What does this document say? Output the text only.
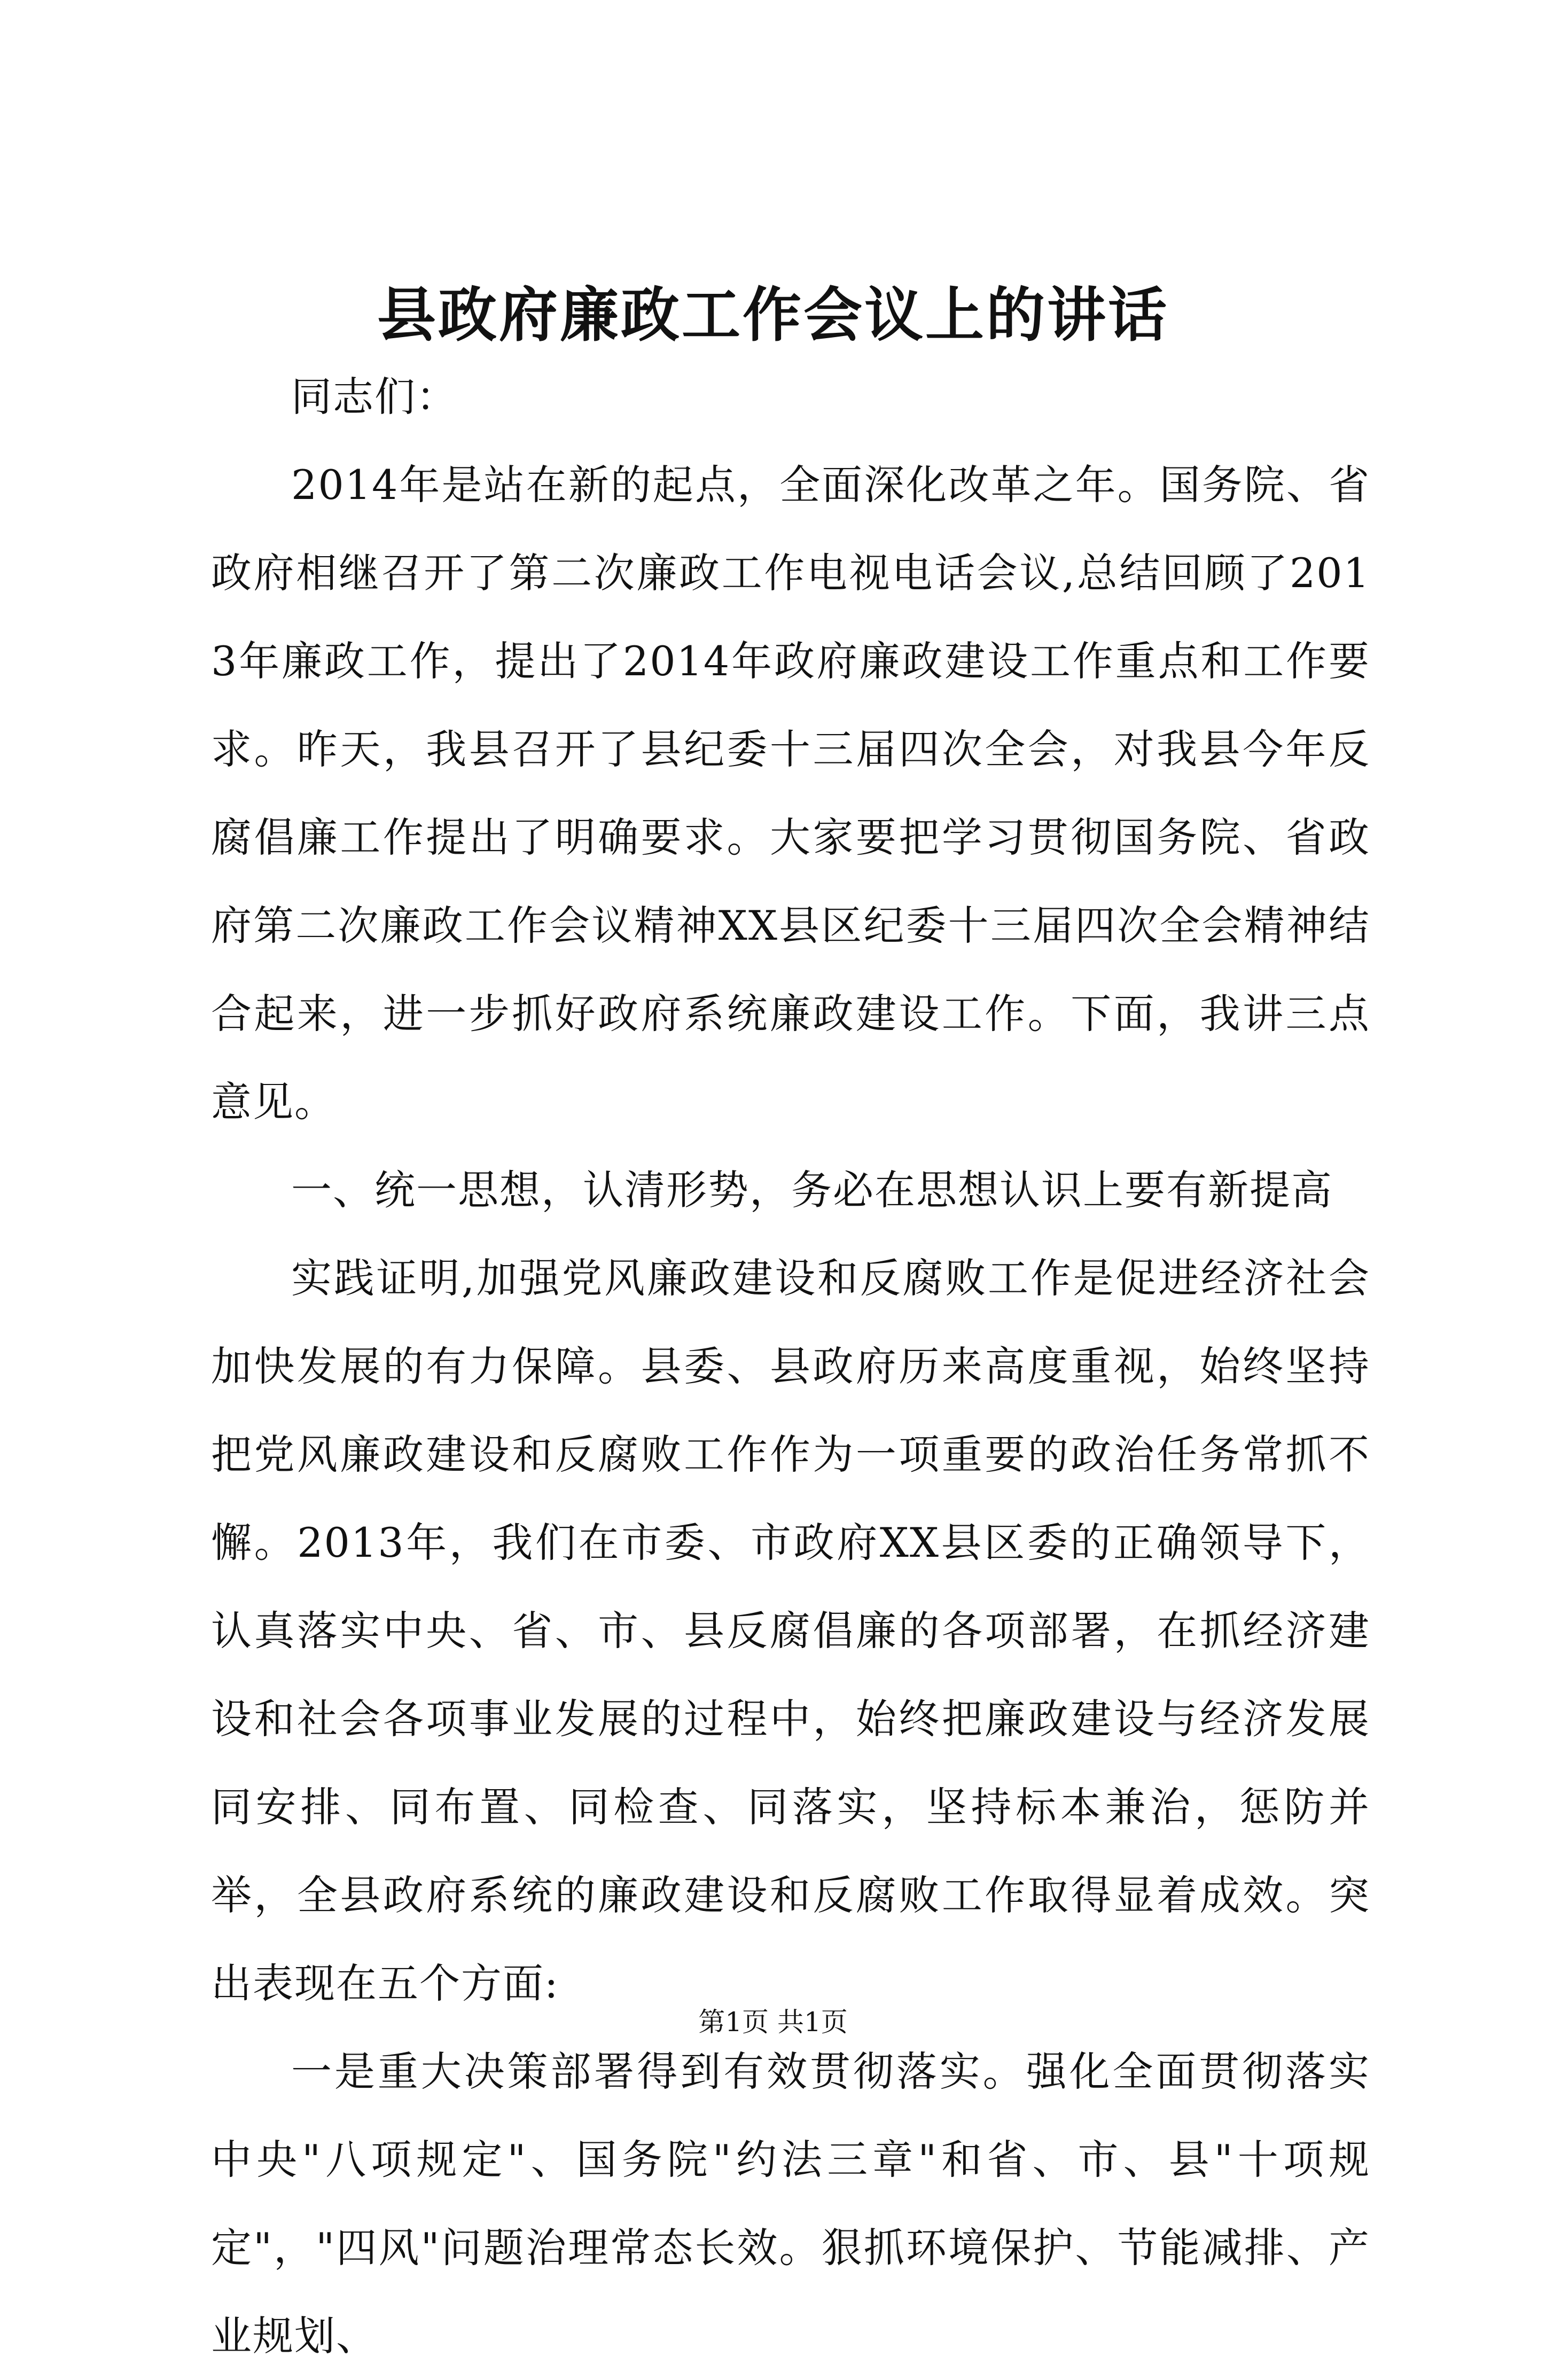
县政府廉政工作会议上的讲话

同志们：

2014年是站在新的起点，全面深化改革之年。国务院、省政府相继召开了第二次廉政工作电视电话会议,总结回顾了2013年廉政工作，提出了2014年政府廉政建设工作重点和工作要求。昨天，我县召开了县纪委十三届四次全会，对我县今年反腐倡廉工作提出了明确要求。大家要把学习贯彻国务院、省政府第二次廉政工作会议精神XX县区纪委十三届四次全会精神结合起来，进一步抓好政府系统廉政建设工作。下面，我讲三点意见。

一、统一思想，认清形势，务必在思想认识上要有新提高

实践证明,加强党风廉政建设和反腐败工作是促进经济社会加快发展的有力保障。县委、县政府历来高度重视，始终坚持把党风廉政建设和反腐败工作作为一项重要的政治任务常抓不懈。2013年，我们在市委、市政府XX县区委的正确领导下，认真落实中央、省、市、县反腐倡廉的各项部署，在抓经济建设和社会各项事业发展的过程中，始终把廉政建设与经济发展同安排、同布置、同检查、同落实，坚持标本兼治，惩防并举，全县政府系统的廉政建设和反腐败工作取得显着成效。突出表现在五个方面:

一是重大决策部署得到有效贯彻落实。强化全面贯彻落实中央"八项规定"、国务院"约法三章"和省、市、县"十项规定"，"四风"问题治理常态长效。狠抓环境保护、节能减排、产业规划、

第1页 共1页
